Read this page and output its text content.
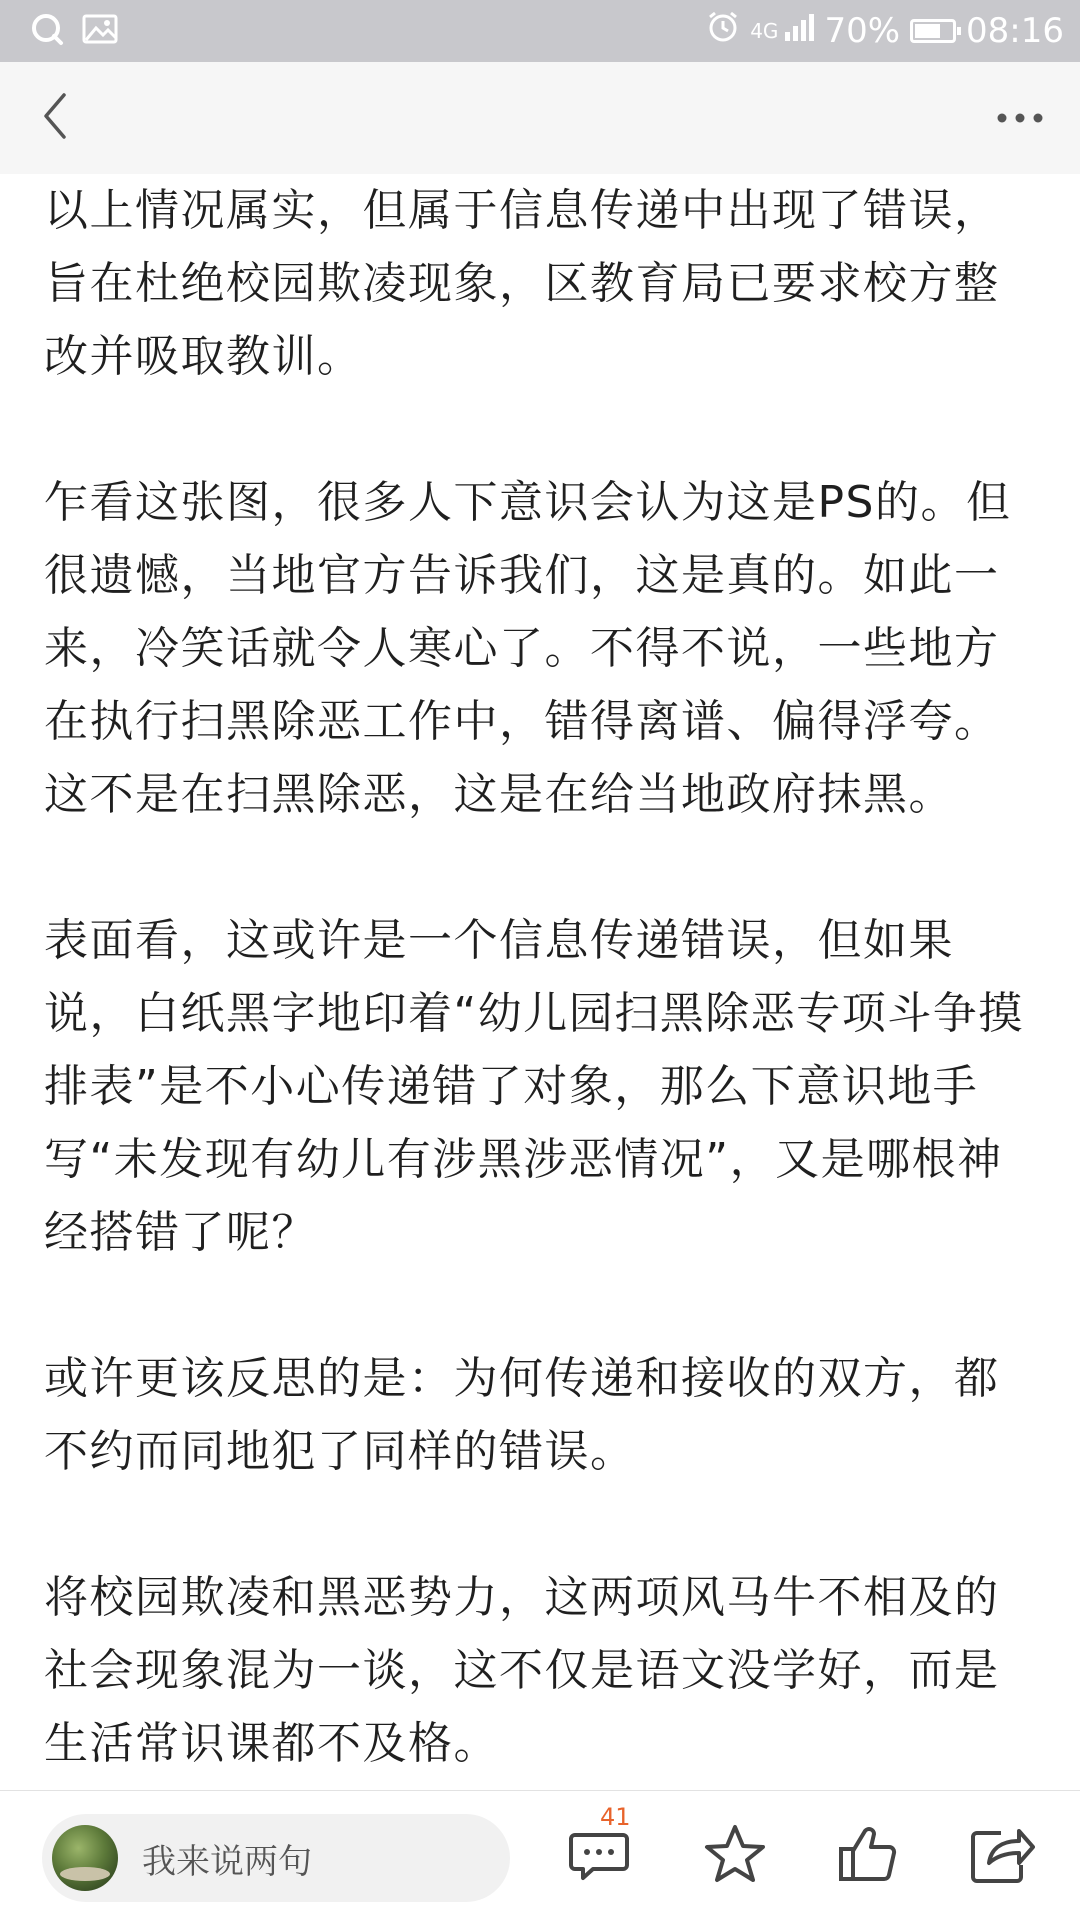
4G 70% 08:16

以上情况属实，但属于信息传递中出现了错误，旨在杜绝校园欺凌现象，区教育局已要求校方整改并吸取教训。

乍看这张图，很多人下意识会认为这是PS的。但很遗憾，当地官方告诉我们，这是真的。如此一来，冷笑话就令人寒心了。不得不说，一些地方在执行扫黑除恶工作中，错得离谱、偏得浮夸。这不是在扫黑除恶，这是在给当地政府抹黑。

表面看，这或许是一个信息传递错误，但如果说，白纸黑字地印着“幼儿园扫黑除恶专项斗争摸排表”是不小心传递错了对象，那么下意识地手写“未发现有幼儿有涉黑涉恶情况”，又是哪根神经搭错了呢？

或许更该反思的是：为何传递和接收的双方，都不约而同地犯了同样的错误。

将校园欺凌和黑恶势力，这两项风马牛不相及的社会现象混为一谈，这不仅是语文没学好，而是生活常识课都不及格。

我来说两句
41
